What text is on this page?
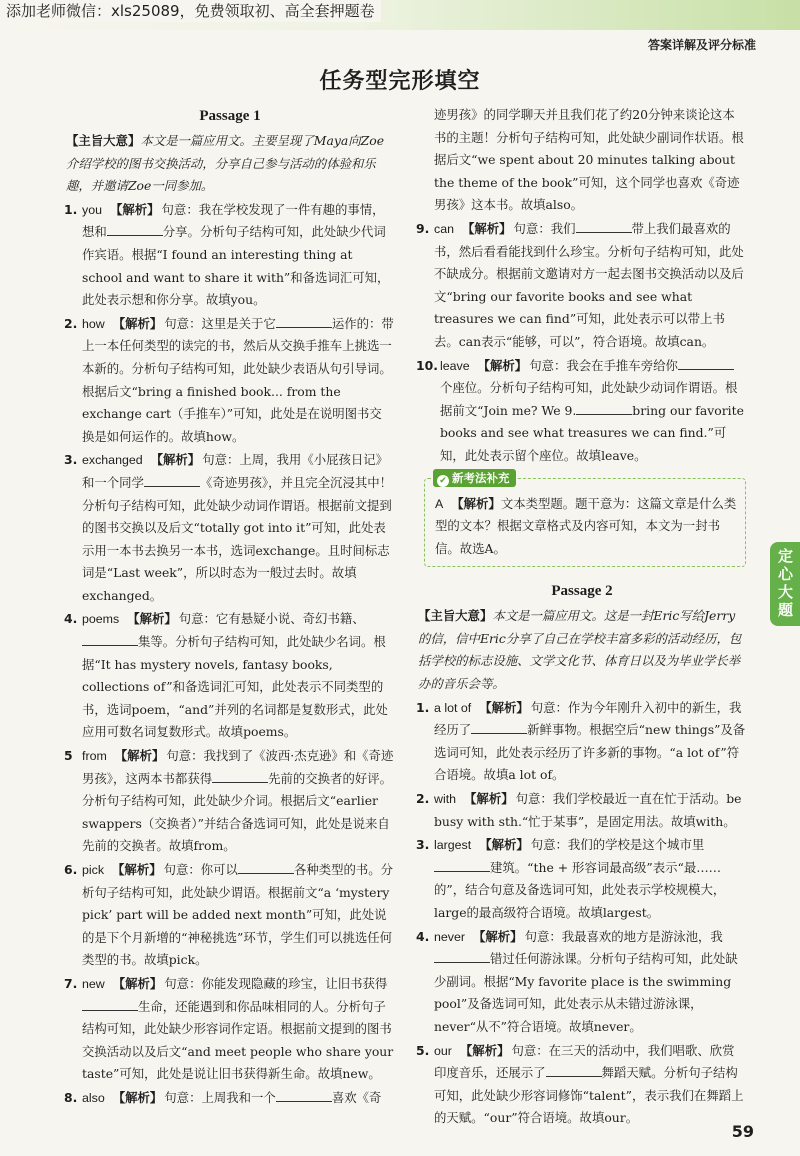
添加老师微信：xls25089，免费领取初、高全套押题卷
答案详解及评分标准
任务型完形填空
Passage 1
【主旨大意】本文是一篇应用文。主要呈现了Maya向Zoe介绍学校的图书交换活动，分享自己参与活动的体验和乐趣，并邀请Zoe一同参加。
1. you 【解析】 句意：我在学校发现了一件有趣的事情，想和	分享。分析句子结构可知，此处缺少代词作宾语。根据“I found an interesting thing at school and want to share it with”和备选词汇可知，此处表示想和你分享。故填you。
2. how 【解析】 句意：这里是关于它	运作的：带上一本任何类型的读完的书，然后从交换手推车上挑选一本新的。分析句子结构可知，此处缺少表语从句引导词。根据后文“bring a finished book... from the exchange cart（手推车）”可知，此处是在说明图书交换是如何运作的。故填how。
3. exchanged 【解析】 句意：上周，我用《小屁孩日记》和一个同学	《奇迹男孩》，并且完全沉浸其中！分析句子结构可知，此处缺少动词作谓语。根据前文提到的图书交换以及后文“totally got into it”可知，此处表示用一本书去换另一本书，选词exchange。且时间标志词是“Last week”，所以时态为一般过去时。故填exchanged。
4. poems 【解析】 句意：它有悬疑小说、奇幻书籍、集等。分析句子结构可知，此处缺少名词。根据“It has mystery novels, fantasy books, collections of”和备选词汇可知，此处表示不同类型的书，选词poem，“and”并列的名词都是复数形式，此处应用可数名词复数形式。故填poems。
5 from 【解析】 句意：我找到了《波西·杰克逊》和《奇迹男孩》，这两本书都获得	先前的交换者的好评。分析句子结构可知，此处缺少介词。根据后文“earlier swappers（交换者）”并结合备选词可知，此处是说来自先前的交换者。故填from。
6. pick 【解析】 句意：你可以	各种类型的书。分析句子结构可知，此处缺少谓语。根据前文“a ‘mystery pick’ part will be added next month”可知，此处说的是下个月新增的“神秘挑选”环节，学生们可以挑选任何类型的书。故填pick。
7. new 【解析】 句意：你能发现隐藏的珍宝，让旧书获得生命，还能遇到和你品味相同的人。分析句子结构可知，此处缺少形容词作定语。根据前文提到的图书交换活动以及后文“and meet people who share your taste”可知，此处是说让旧书获得新生命。故填new。
8. also 【解析】 句意：上周我和一个	喜欢《奇
迹男孩》的同学聊天并且我们花了约20分钟来谈论这本书的主题！分析句子结构可知，此处缺少副词作状语。根据后文“we spent about 20 minutes talking about the theme of the book”可知，这个同学也喜欢《奇迹男孩》这本书。故填also。
9. can 【解析】 句意：我们	带上我们最喜欢的书，然后看看能找到什么珍宝。分析句子结构可知，此处不缺成分。根据前文邀请对方一起去图书交换活动以及后文“bring our favorite books and see what treasures we can find”可知，此处表示可以带上书去。can表示“能够，可以”，符合语境。故填can。
10. leave 【解析】 句意：我会在手推车旁给你个座位。分析句子结构可知，此处缺少动词作谓语。根据前文“Join me? We 9.	bring our favorite books and see what treasures we can find.”可知，此处表示留个座位。故填leave。
✔ 新考法补充
A 【解析】文本类型题。题干意为：这篇文章是什么类型的文本？根据文章格式及内容可知，本文为一封书信。故选A。
Passage 2
【主旨大意】本文是一篇应用文。这是一封Eric写给Jerry的信，信中Eric分享了自己在学校丰富多彩的活动经历，包括学校的标志设施、文学文化节、体育日以及为毕业学长举办的音乐会等。
1. a lot of 【解析】 句意：作为今年刚升入初中的新生，我经历了	新鲜事物。根据空后“new things”及备选词可知，此处表示经历了许多新的事物。“a lot of”符合语境。故填a lot of。
2. with 【解析】 句意：我们学校最近一直在忙于活动。be busy with sth.“忙于某事”，是固定用法。故填with。
3. largest 【解析】 句意：我们的学校是这个城市里建筑。“the + 形容词最高级”表示“最……的”，结合句意及备选词可知，此处表示学校规模大，large的最高级符合语境。故填largest。
4. never 【解析】 句意：我最喜欢的地方是游泳池，我错过任何游泳课。分析句子结构可知，此处缺少副词。根据“My favorite place is the swimming pool”及备选词可知，此处表示从未错过游泳课，never“从不”符合语境。故填never。
5. our 【解析】 句意：在三天的活动中，我们唱歌、欣赏印度音乐，还展示了	舞蹈天赋。分析句子结构可知，此处缺少形容词修饰“talent”，表示我们在舞蹈上的天赋。“our”符合语境。故填our。
定心大题
59
